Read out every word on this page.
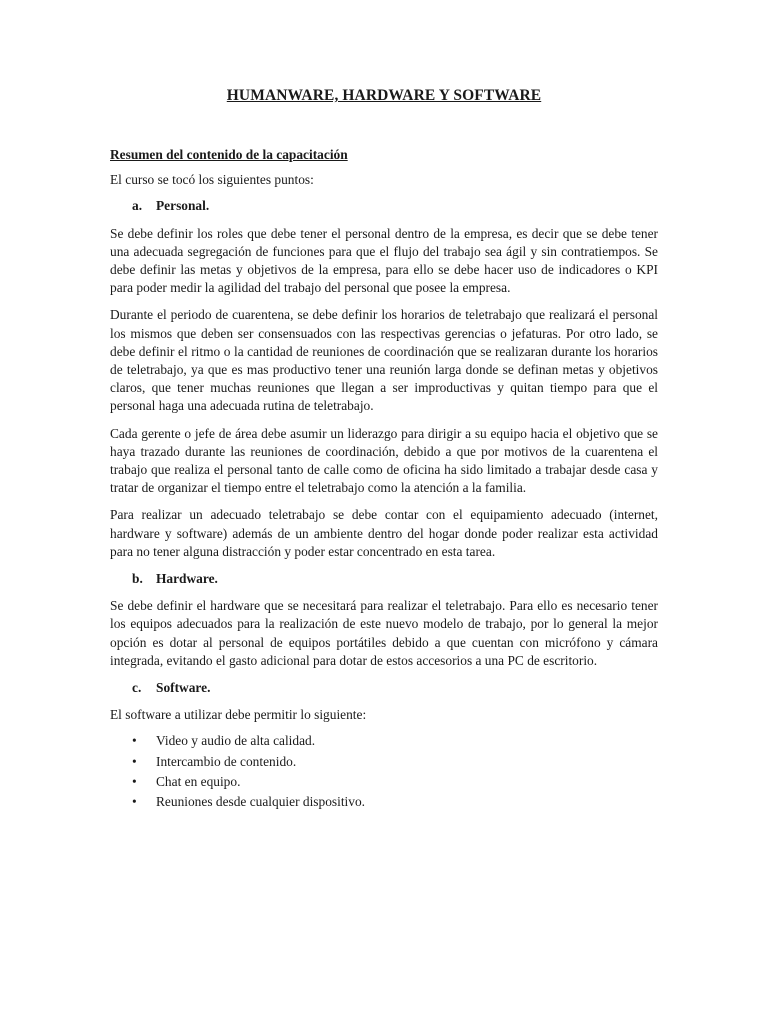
HUMANWARE, HARDWARE Y SOFTWARE
Resumen del contenido de la capacitación

El curso se tocó los siguientes puntos:

a. Personal.

Se debe definir los roles que debe tener el personal dentro de la empresa, es decir que se debe tener una adecuada segregación de funciones para que el flujo del trabajo sea ágil y sin contratiempos. Se debe definir las metas y objetivos de la empresa, para ello se debe hacer uso de indicadores o KPI para poder medir la agilidad del trabajo del personal que posee la empresa.

Durante el periodo de cuarentena, se debe definir los horarios de teletrabajo que realizará el personal los mismos que deben ser consensuados con las respectivas gerencias o jefaturas. Por otro lado, se debe definir el ritmo o la cantidad de reuniones de coordinación que se realizaran durante los horarios de teletrabajo, ya que es mas productivo tener una reunión larga donde se definan metas y objetivos claros, que tener muchas reuniones que llegan a ser improductivas y quitan tiempo para que el personal haga una adecuada rutina de teletrabajo.

Cada gerente o jefe de área debe asumir un liderazgo para dirigir a su equipo hacia el objetivo que se haya trazado durante las reuniones de coordinación, debido a que por motivos de la cuarentena el trabajo que realiza el personal tanto de calle como de oficina ha sido limitado a trabajar desde casa y tratar de organizar el tiempo entre el teletrabajo como la atención a la familia.

Para realizar un adecuado teletrabajo se debe contar con el equipamiento adecuado (internet, hardware y software) además de un ambiente dentro del hogar donde poder realizar esta actividad para no tener alguna distracción y poder estar concentrado en esta tarea.

b. Hardware.

Se debe definir el hardware que se necesitará para realizar el teletrabajo. Para ello es necesario tener los equipos adecuados para la realización de este nuevo modelo de trabajo, por lo general la mejor opción es dotar al personal de equipos portátiles debido a que cuentan con micrófono y cámara integrada, evitando el gasto adicional para dotar de estos accesorios a una PC de escritorio.

c. Software.

El software a utilizar debe permitir lo siguiente:

• Video y audio de alta calidad.
• Intercambio de contenido.
• Chat en equipo.
• Reuniones desde cualquier dispositivo.
